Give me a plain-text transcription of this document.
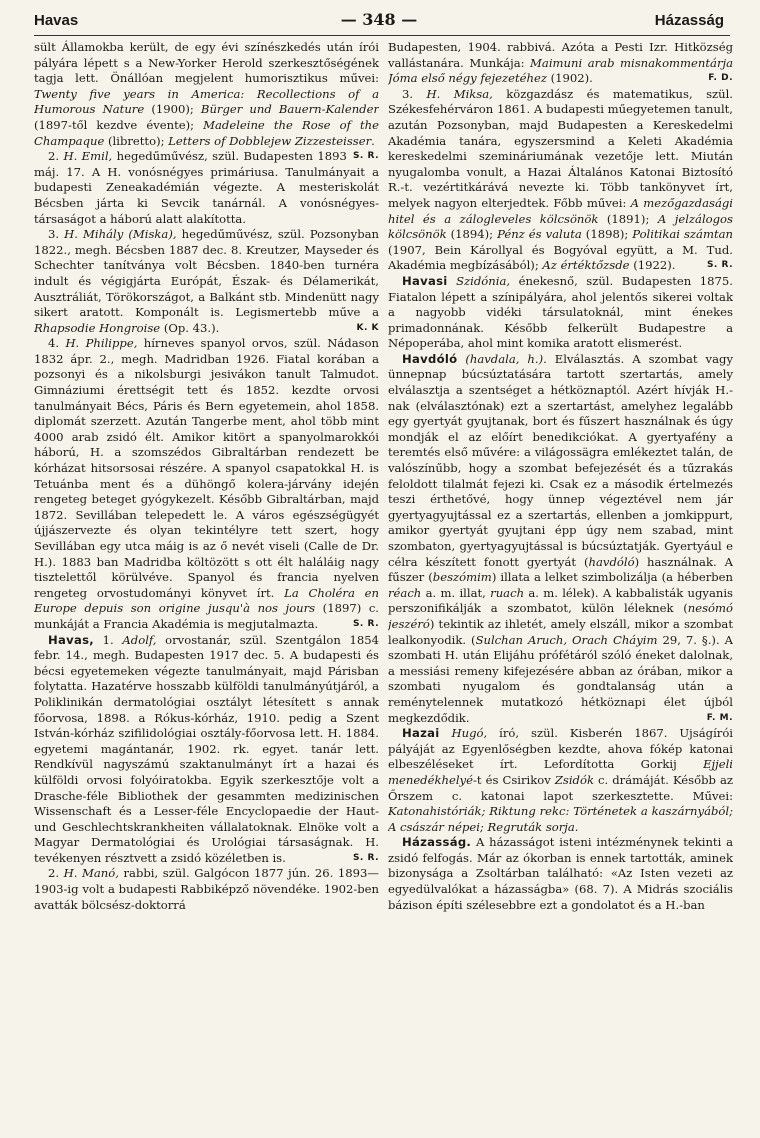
Havas	— 348 —	Házasság

sült Államokba került, de egy évi színészkedés után írói pályára lépett s a New-Yorker Herold szerkesztőségének tagja lett. Önállóan megjelent humorisztikus művei: Twenty five years in America: Recollections of a Humorous Nature (1900); Bürger und Bauern-Kalender (1897-től kezdve évente); Madeleine the Rose of the Champaque (libretto); Letters of Dobblejew Zizzesteisser.
S. R.

2. H. Emil, hegedűművész, szül. Budapesten 1893 máj. 17. A H. vonósnégyes primáriusa. Tanulmányait a budapesti Zeneakadémián végezte. A mesteriskolát Bécsben járta ki Sevcik tanárnál. A vonósnégyes-társaságot a háború alatt alakította.

3. H. Mihály (Miska), hegedűművész, szül. Pozsonyban 1822., megh. Bécsben 1887 dec. 8. Kreutzer, Mayseder és Schechter tanítványa volt Bécsben. 1840-ben turnéra indult és végigjárta Európát, Észak- és Délamerikát, Ausztráliát, Törökországot, a Balkánt stb. Mindenütt nagy sikert aratott. Komponált is. Legismertebb műve a Rhapsodie Hongroise (Op. 43.).	K. K

4. H. Philippe, hírneves spanyol orvos, szül. Nádason 1832 ápr. 2., megh. Madridban 1926. Fiatal korában a pozsonyi és a nikolsburgi jesivákon tanult Talmudot. Gimnáziumi érettségit tett és 1852. kezdte orvosi tanulmányait Bécs, Páris és Bern egyetemein, ahol 1858. diplomát szerzett. Azután Tangerbe ment, ahol több mint 4000 arab zsidó élt. Amikor kitört a spanyolmarokkói háború, H. a szomszédos Gibraltárban rendezett be kórházat hitsorsosai részére. A spanyol csapatokkal H. is Tetuánba ment és a dühöngő kolera-járvány idején rengeteg beteget gyógykezelt. Később Gibraltárban, majd 1872. Sevillában telepedett le. A város egészségügyét újjászervezte és olyan tekintélyre tett szert, hogy Sevillában egy utca máig is az ő nevét viseli (Calle de Dr. H.). 1883 ban Madridba költözött s ott élt haláláig nagy tisztelettől körülvéve. Spanyol és francia nyelven rengeteg orvostudományi könyvet írt. La Choléra en Europe depuis son origine jusqu'à nos jours (1897) c. munkáját a Francia Akadémia is megjutalmazta.	S. R.

Havas, 1. Adolf, orvostanár, szül. Szentgálon 1854 febr. 14., megh. Budapesten 1917 dec. 5. A budapesti és bécsi egyetemeken végezte tanulmányait, majd Párisban folytatta. Hazatérve hosszabb külföldi tanulmányútjáról, a Poliklinikán dermatológiai osztályt létesített s annak főorvosa, 1898. a Rókus-kórház, 1910. pedig a Szent István-kórház szifilidológiai osztály-főorvosa lett. H. 1884. egyetemi magántanár, 1902. rk. egyet. tanár lett. Rendkívül nagyszámú szaktanulmányt írt a hazai és külföldi orvosi folyóiratokba. Egyik szerkesztője volt a Drasche-féle Bibliothek der gesammten medizinischen Wissenschaft és a Lesser-féle Encyclopaedie der Haut- und Geschlechtskrankheiten vállalatoknak. Elnöke volt a Magyar Dermatológiai és Urológiai társaságnak. H. tevékenyen résztvett a zsidó közéletben is.	S. R.

2. H. Manó, rabbi, szül. Galgócon 1877 jún. 26. 1893—1903-ig volt a budapesti Rabbiképző növendéke. 1902-ben avatták bölcsész-doktorrá

Budapesten, 1904. rabbivá. Azóta a Pesti Izr. Hitközség vallástanára. Munkája: Maimuni arab misnakommentárja Jóma első négy fejezetéhez (1902).	F. D.

3. H. Miksa, közgazdász és matematikus, szül. Székesfehérváron 1861. A budapesti műegyetemen tanult, azután Pozsonyban, majd Budapesten a Kereskedelmi Akadémia tanára, egyszersmind a Keleti Akadémia kereskedelmi szemináriumának vezetője lett. Miután nyugalomba vonult, a Hazai Általános Katonai Biztosító R.-t. vezértitkárává nevezte ki. Több tankönyvet írt, melyek nagyon elterjedtek. Főbb művei: A mezőgazdasági hitel és a zálogleveles kölcsönök (1891); A jelzálogos kölcsönök (1894); Pénz és valuta (1898); Politikai számtan (1907, Bein Károllyal és Bogyóval együtt, a M. Tud. Akadémia megbízásából); Az értéktőzsde (1922).	S. R.

Havasi Szidónia, énekesnő, szül. Budapesten 1875. Fiatalon lépett a színipályára, ahol jelentős sikerei voltak a nagyobb vidéki társulatoknál, mint énekes primadonnának. Később felkerült Budapestre a Népoperába, ahol mint komika aratott elismerést.

Havdóló (havdala, h.). Elválasztás. A szombat vagy ünnepnap búcsúztatására tartott szertartás, amely elválasztja a szentséget a hétköznaptól. Azért hívják H.-nak (elválasztónak) ezt a szertartást, amelyhez legalább egy gyertyát gyujtanak, bort és fűszert használnak és úgy mondják el az előírt benedikciókat. A gyertyafény a teremtés első művére: a világossägra emlékeztet talán, de valószínűbb, hogy a szombat befejezését és a tűzrakás feloldott tilalmát fejezi ki. Csak ez a második értelmezés teszi érthetővé, hogy ünnep végeztével nem jár gyertyagyujtással ez a szertartás, ellenben a jomkippurt, amikor gyertyát gyujtani épp úgy nem szabad, mint szombaton, gyertyagyujtással is búcsúztatják. Gyertyául e célra készített fonott gyertyát (havdóló) használnak. A fűszer (beszómim) illata a lelket szimbolizálja (a héberben réach a. m. illat, ruach a. m. lélek). A kabbalisták ugyanis perszonifikálják a szombatot, külön léleknek (nesómó jeszéró) tekintik az ihletét, amely elszáll, mikor a szombat lealkonyodik. (Sulchan Aruch, Orach Cháyim 29, 7. §.). A szombati H. után Elijáhu prófétáról szóló éneket dalolnak, a messiási remeny kifejezésére abban az órában, mikor a szombati nyugalom és gondtalanság után a reménytelennek mutatkozó hétköznapi élet újból megkezdődik.	F. M.

Hazai Hugó, író, szül. Kisberén 1867. Ujságírói pályáját az Egyenlőségben kezdte, ahova fókép katonai elbeszéléseket írt. Lefordította Gorkij Ejjeli menedékhelyé-t és Csirikov Zsidók c. drámáját. Később az Őrszem c. katonai lapot szerkesztette. Művei: Katonahistóriák; Riktung rekc: Történetek a kaszárnyából; A császár népei; Regruták sorja.

Házasság. A házasságot isteni intézménynek tekinti a zsidó felfogás. Már az ókorban is ennek tartották, aminek bizonysága a Zsoltárban található: «Az Isten vezeti az egyedülvalókat a házasságba» (68. 7). A Midrás szociális bázison építi szélesebbre ezt a gondolatot és a H.-ban
